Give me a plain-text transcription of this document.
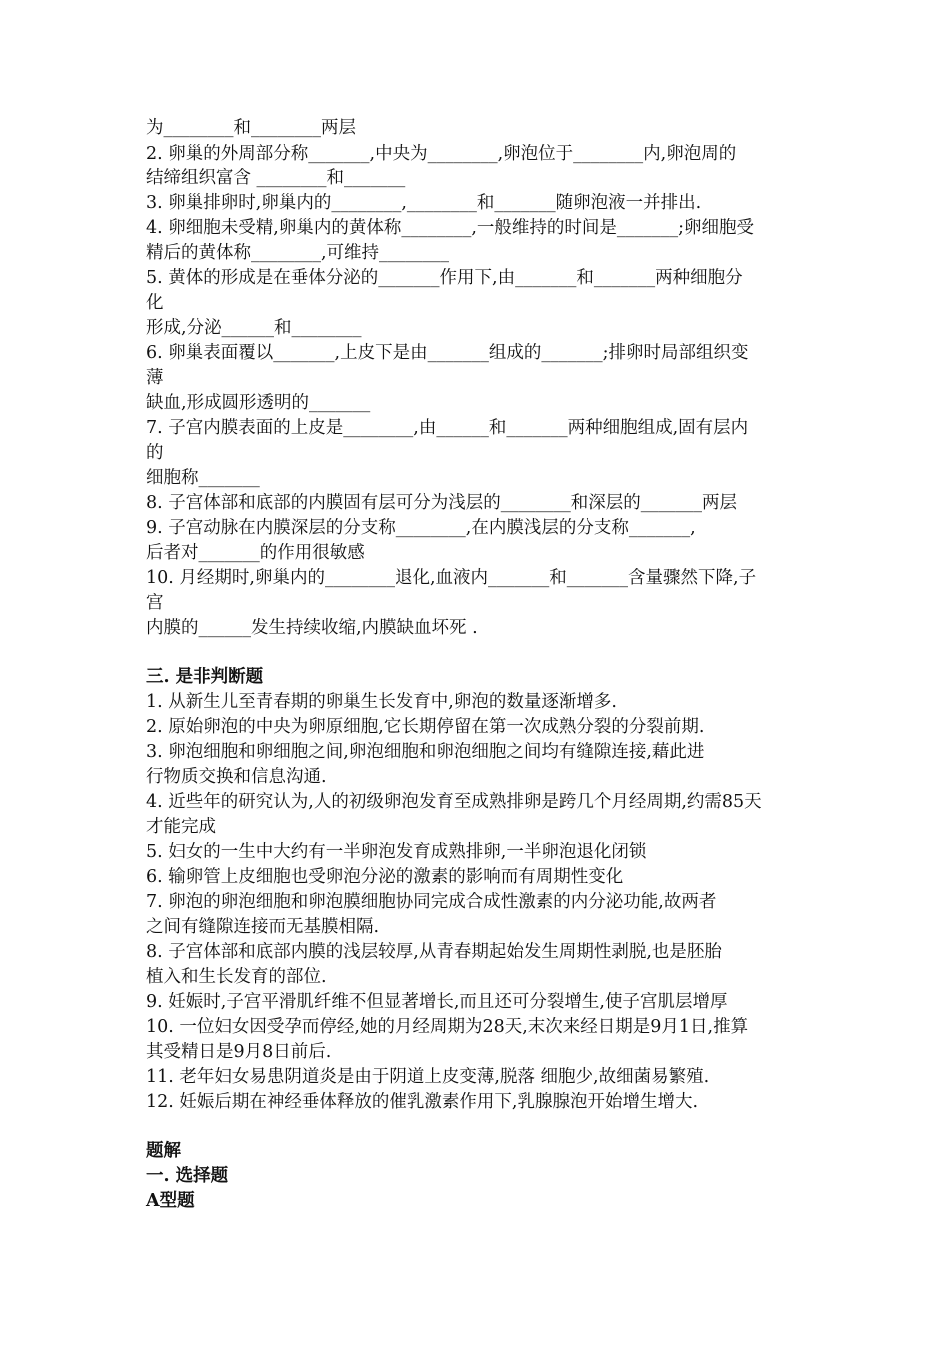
为________和________两层
2. 卵巢的外周部分称_______,中央为________,卵泡位于________内,卵泡周的
结缔组织富含 ________和_______
3. 卵巢排卵时,卵巢内的________,________和_______随卵泡液一并排出.
4. 卵细胞未受精,卵巢内的黄体称________,一般维持的时间是_______;卵细胞受
精后的黄体称________,可维持________
5. 黄体的形成是在垂体分泌的_______作用下,由_______和_______两种细胞分
化
形成,分泌______和________
6. 卵巢表面覆以_______,上皮下是由_______组成的_______;排卵时局部组织变
薄
缺血,形成圆形透明的_______
7. 子宫内膜表面的上皮是________,由______和_______两种细胞组成,固有层内
的
细胞称_______
8. 子宫体部和底部的内膜固有层可分为浅层的________和深层的_______两层
9. 子宫动脉在内膜深层的分支称________,在内膜浅层的分支称_______,
后者对_______的作用很敏感
10. 月经期时,卵巢内的________退化,血液内_______和_______含量骤然下降,子
宫
内膜的______发生持续收缩,内膜缺血坏死 .
三. 是非判断题
1. 从新生儿至青春期的卵巢生长发育中,卵泡的数量逐渐增多.
2. 原始卵泡的中央为卵原细胞,它长期停留在第一次成熟分裂的分裂前期.
3. 卵泡细胞和卵细胞之间,卵泡细胞和卵泡细胞之间均有缝隙连接,藉此进
行物质交换和信息沟通.
4. 近些年的研究认为,人的初级卵泡发育至成熟排卵是跨几个月经周期,约需85天
才能完成
5. 妇女的一生中大约有一半卵泡发育成熟排卵,一半卵泡退化闭锁
6. 输卵管上皮细胞也受卵泡分泌的激素的影响而有周期性变化
7. 卵泡的卵泡细胞和卵泡膜细胞协同完成合成性激素的内分泌功能,故两者
之间有缝隙连接而无基膜相隔.
8. 子宫体部和底部内膜的浅层较厚,从青春期起始发生周期性剥脱,也是胚胎
植入和生长发育的部位.
9. 妊娠时,子宫平滑肌纤维不但显著增长,而且还可分裂增生,使子宫肌层增厚
10. 一位妇女因受孕而停经,她的月经周期为28天,末次来经日期是9月1日,推算
其受精日是9月8日前后.
11. 老年妇女易患阴道炎是由于阴道上皮变薄,脱落 细胞少,故细菌易繁殖.
12. 妊娠后期在神经垂体释放的催乳激素作用下,乳腺腺泡开始增生增大.
题解
一. 选择题
A型题
